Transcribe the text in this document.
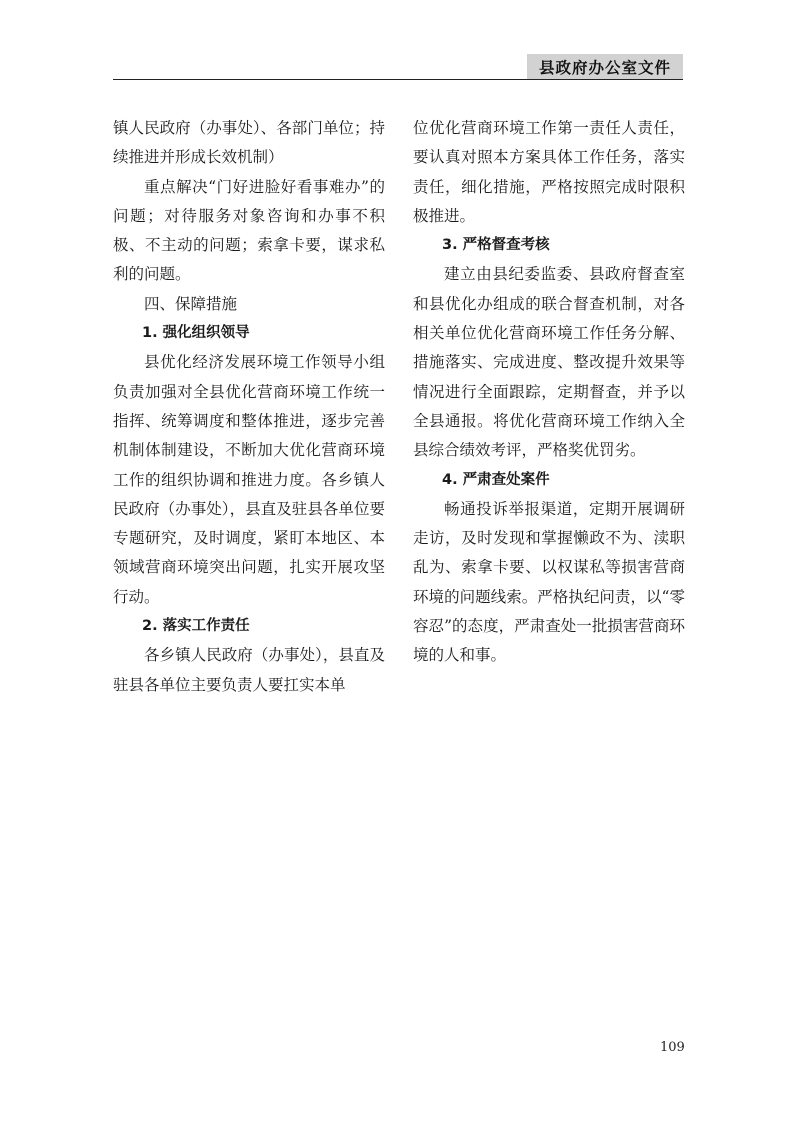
县政府办公室文件

镇人民政府（办事处）、各部门单位；持续推进并形成长效机制）

重点解决“门好进脸好看事难办”的问题；对待服务对象咨询和办事不积极、不主动的问题；索拿卡要，谋求私利的问题。

四、保障措施

1. 强化组织领导

县优化经济发展环境工作领导小组负责加强对全县优化营商环境工作统一指挥、统筹调度和整体推进，逐步完善机制体制建设，不断加大优化营商环境工作的组织协调和推进力度。各乡镇人民政府（办事处），县直及驻县各单位要专题研究，及时调度，紧盯本地区、本领域营商环境突出问题，扎实开展攻坚行动。

2. 落实工作责任

各乡镇人民政府（办事处），县直及驻县各单位主要负责人要扛实本单

位优化营商环境工作第一责任人责任，要认真对照本方案具体工作任务，落实责任，细化措施，严格按照完成时限积极推进。

3. 严格督查考核

建立由县纪委监委、县政府督查室和县优化办组成的联合督查机制，对各相关单位优化营商环境工作任务分解、措施落实、完成进度、整改提升效果等情况进行全面跟踪，定期督查，并予以全县通报。将优化营商环境工作纳入全县综合绩效考评，严格奖优罚劣。

4. 严肃查处案件

畅通投诉举报渠道，定期开展调研走访，及时发现和掌握懒政不为、渎职乱为、索拿卡要、以权谋私等损害营商环境的问题线索。严格执纪问责，以“零容忍”的态度，严肃查处一批损害营商环境的人和事。

109
